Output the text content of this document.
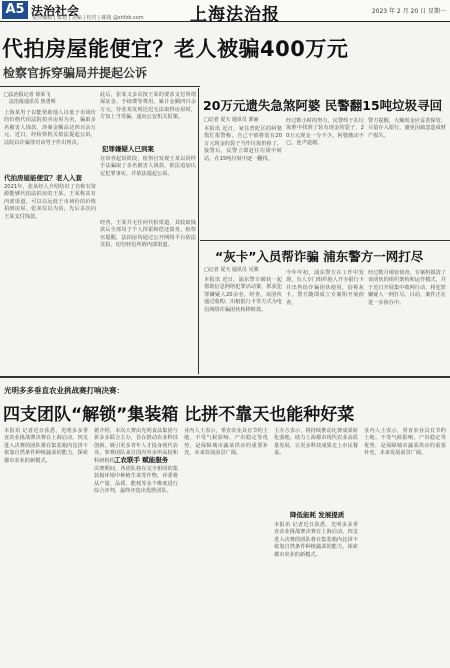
A5 法治社会
责任编辑 | 策划 | 美编 | 校对 | 邮箱 @shfzb.com	上海法治报	2023 年 2 月 20 日 星期一
代拍房屋能便宜？老人被骗400万元
检察官拆穿骗局并提起公诉
□法治报记者 徐荣飞
　法治报通讯员 焦勇明
上海某男子以能帮助他人以低于市场价的价格代拍法院拍卖房屋为名，骗取多名被害人钱款，涉案金额高达四百余万元。近日，经检察机关依法提起公诉，法院以诈骗罪对该男子作出判决。
代拍房屋能便宜？老人入套
2021年，张某经人介绍结识了自称有资源能够代拍法拍房的王某。王某称其有内部渠道，可以以远低于市场价的价格拍到房屋。张某信以为真，先后多次向王某支付钱款。
此后，张某又多次按王某的要求支付所谓保证金、手续费等费用，累计金额四百余万元。待张某发现迟迟无法取得房屋时，方知上当受骗，遂向公安机关报案。
犯罪嫌疑人已到案
在审查起诉阶段，检察官发现王某以同样手法骗取了多名被害人钱款，依法追加认定犯罪事实，并依法提起公诉。
经查，王某并无任何代拍渠道，其收取钱款后全部用于个人挥霍和偿还债务。检察官提醒，法拍房均通过公开网络平台依法竞拍，切勿轻信所谓内部渠道。
20万元遗失急煞阿婆 民警翻15吨垃圾寻回
□记者 夏天 通讯员 郭丽
本报讯 近日，家住普陀区的阿婆慌忙报警称，自己不慎将装有20万元现金的袋子当作垃圾扔掉了。接警后，民警立即赶往垃圾中转站，在15吨垃圾中逐一翻找。
经过数小时的努力，民警终于在垃圾堆中找到了装有现金的袋子，20万元现金一分不少。阿婆激动不已，连声道谢。
警方提醒，大额现金应妥善保管，尽量存入银行，避免因疏忽造成财产损失。
“灰卡”入员帮诈骗 浦东警方一网打尽
□记者 夏天 通讯员 吴骏
本报讯 近日，浦东警方破获一起帮助信息网络犯罪活动案，抓获犯罪嫌疑人20余名。经查，该团伙通过收购、出租银行卡等方式为电信网络诈骗团伙转移赃款。
今年年初，浦东警方在工作中发现，有人专门组织他人开办银行卡并出售给诈骗团伙使用，俗称灰卡。警方随即成立专案组开展侦查。
经过数月缜密侦查，专案组摸清了该团伙的组织架构和运作模式，并于近日开展集中收网行动，将犯罪嫌疑人一网打尽。目前，案件正在进一步侦办中。
光明多多垂直农业挑战赛打响决赛：
四支团队“解锁”集装箱 比拼不靠天也能种好菜
本报讯 记者近日获悉，光明多多垂直农业挑战赛决赛在上海启动。四支进入决赛的团队将在集装箱内比拼不依靠自然条件种植蔬菜的能力，探索都市农业的新模式。
据介绍，本次大赛由光明食品集团与拼多多联合主办，旨在推动农业科技创新，吸引更多青年人才投身现代农业。参赛团队来自国内外多所高校和科研机构。
工农联手 赋能服务
决赛期间，各团队将在完全相同的集装箱环境中种植生菜等作物，评委将从产量、品质、能耗等多个维度进行综合评判，最终评选出优胜团队。
业内人士表示，垂直农业具有节约土地、不受气候影响、产出稳定等优势，是保障城市蔬菜供应的重要补充，未来发展前景广阔。
降低能耗 发展提质
主办方表示，将持续推动比赛成果转化落地，助力上海都市现代农业高质量发展，让更多科技成果走上市民餐桌。
本报讯 记者近日获悉，光明多多垂直农业挑战赛决赛在上海启动。四支进入决赛的团队将在集装箱内比拼不依靠自然条件种植蔬菜的能力，探索都市农业的新模式。
业内人士表示，垂直农业具有节约土地、不受气候影响、产出稳定等优势，是保障城市蔬菜供应的重要补充，未来发展前景广阔。
